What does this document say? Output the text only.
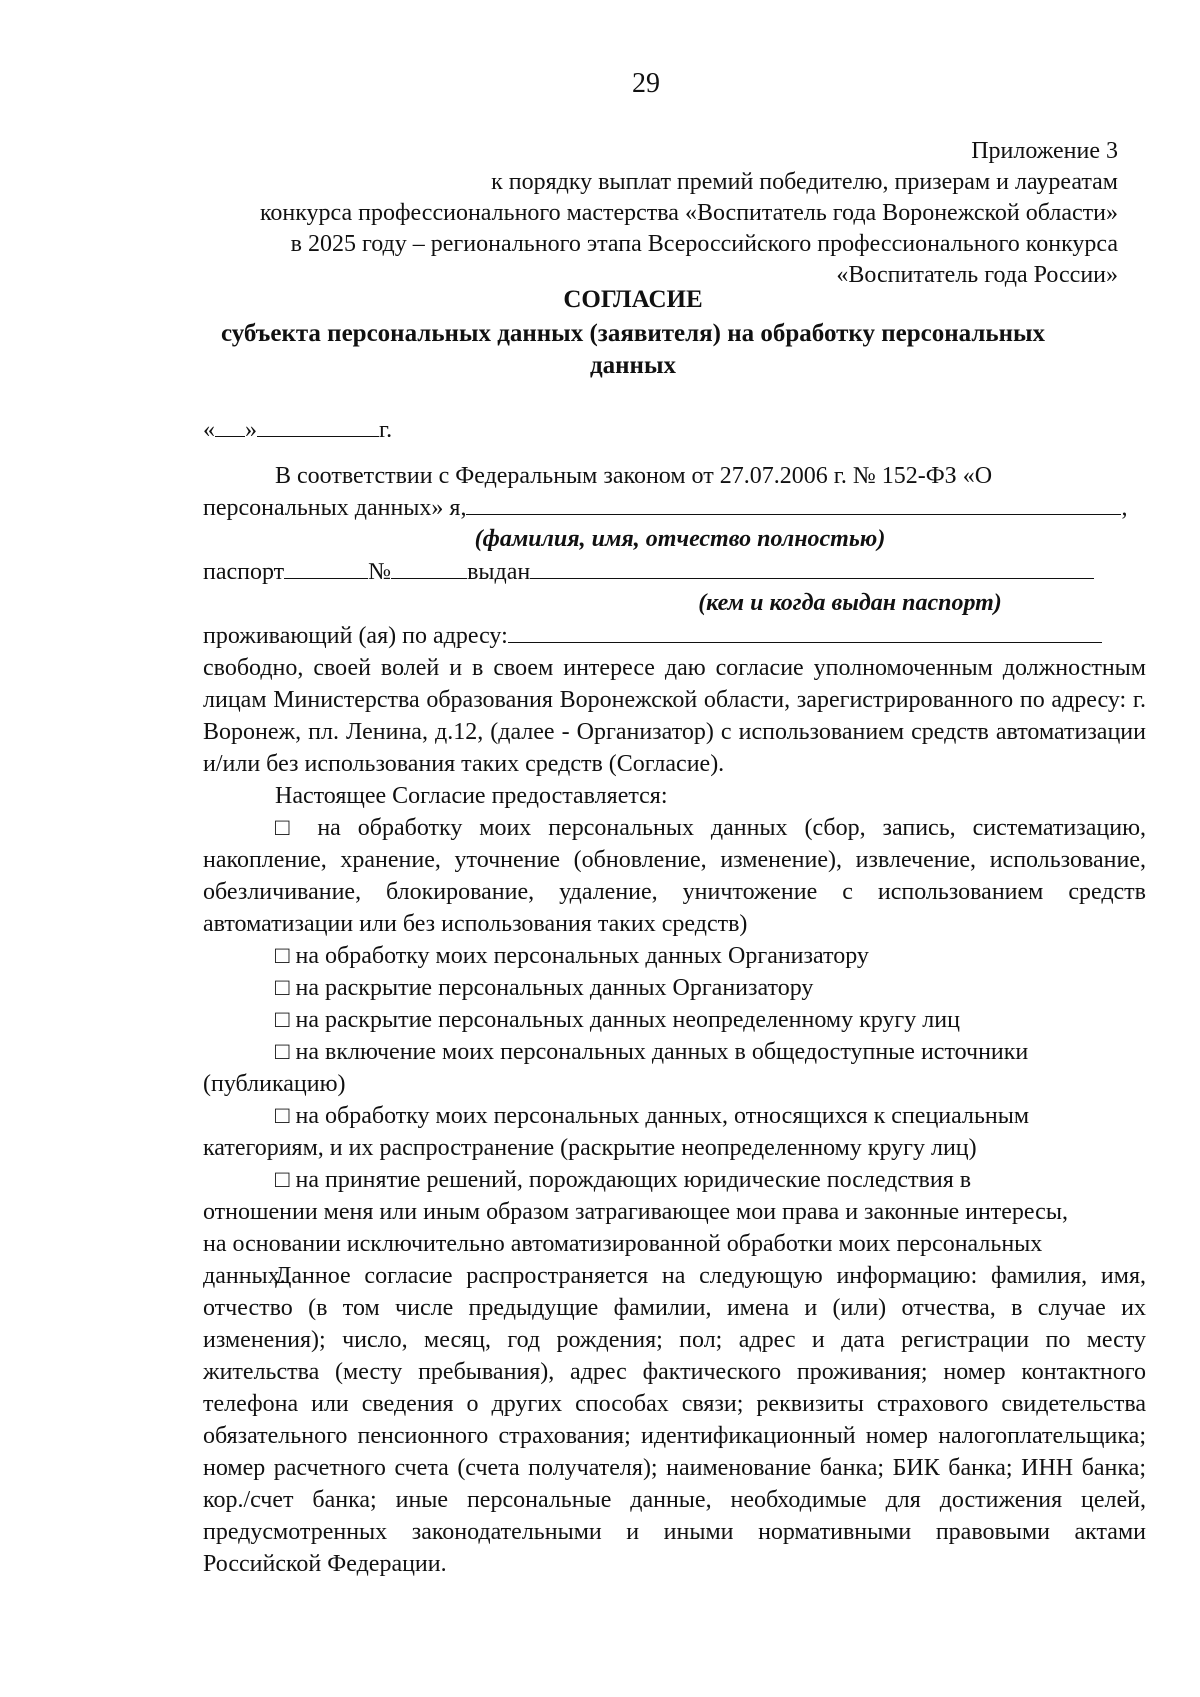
29
Приложение 3
к порядку выплат премий победителю, призерам и лауреатам
конкурса профессионального мастерства «Воспитатель года Воронежской области»
в 2025 году – регионального этапа Всероссийского профессионального конкурса
«Воспитатель года России»
СОГЛАСИЕ
субъекта персональных данных (заявителя) на обработку персональных данных
« »	г.
В соответствии с Федеральным законом от 27.07.2006 г. № 152-ФЗ «О
персональных данных» я,	,
(фамилия, имя, отчество полностью)
паспорт	№	выдан
(кем и когда выдан паспорт)
проживающий (ая) по адресу:
свободно, своей волей и в своем интересе даю согласие уполномоченным должностным лицам Министерства образования Воронежской области, зарегистрированного по адресу: г. Воронеж, пл. Ленина, д.12, (далее - Организатор) с использованием средств автоматизации и/или без использования таких средств (Согласие).
Настоящее Согласие предоставляется:
□ на обработку моих персональных данных (сбор, запись, систематизацию, накопление, хранение, уточнение (обновление, изменение), извлечение, использование, обезличивание, блокирование, удаление, уничтожение с использованием средств автоматизации или без использования таких средств)
□ на обработку моих персональных данных Организатору
□ на раскрытие персональных данных Организатору
□ на раскрытие персональных данных неопределенному кругу лиц
□ на включение моих персональных данных в общедоступные источники (публикацию)
□ на обработку моих персональных данных, относящихся к специальным категориям, и их распространение (раскрытие неопределенному кругу лиц)
□ на принятие решений, порождающих юридические последствия в отношении меня или иным образом затрагивающее мои права и законные интересы, на основании исключительно автоматизированной обработки моих персональных данных.
Данное согласие распространяется на следующую информацию: фамилия, имя, отчество (в том числе предыдущие фамилии, имена и (или) отчества, в случае их изменения); число, месяц, год рождения; пол; адрес и дата регистрации по месту жительства (месту пребывания), адрес фактического проживания; номер контактного телефона или сведения о других способах связи; реквизиты страхового свидетельства обязательного пенсионного страхования; идентификационный номер налогоплательщика; номер расчетного счета (счета получателя); наименование банка; БИК банка; ИНН банка; кор./счет банка; иные персональные данные, необходимые для достижения целей, предусмотренных законодательными и иными нормативными правовыми актами Российской Федерации.
